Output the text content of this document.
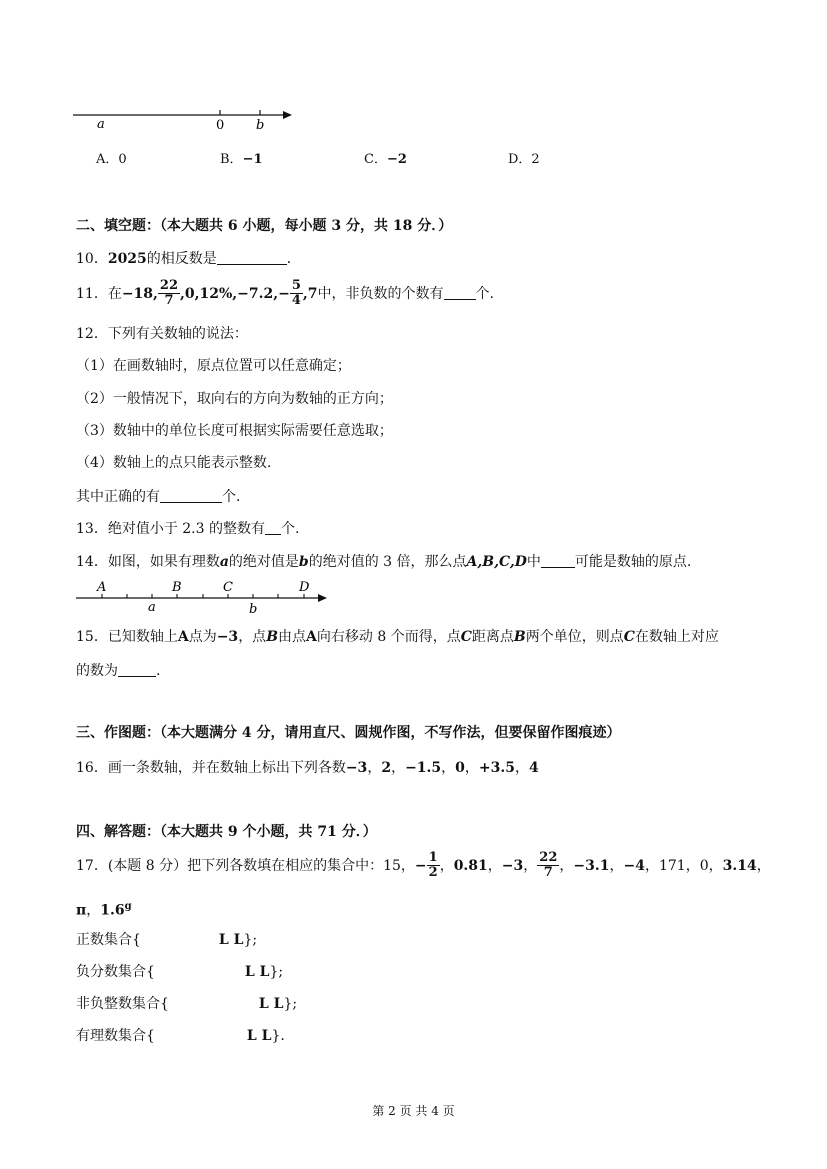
a	0 b
A．0	B．−1	C．−2	D．2
二、填空题：（本大题共 6 小题，每小题 3 分，共 18 分．）
10．2025的相反数是	．
11．在−18, $\frac{22}{7} ,0,12\%,-7.2,- \frac{5}{4} ,7$中，非负数的个数有 个.
12．下列有关数轴的说法：
（1）在画数轴时，原点位置可以任意确定；
（2）一般情况下，取向右的方向为数轴的正方向；
（3）数轴中的单位长度可根据实际需要任意选取；
（4）数轴上的点只能表示整数.
其中正确的有	个．
13．绝对值小于 2.3 的整数有 个.
14．如图，如果有理数a的绝对值是b的绝对值的 3 倍，那么点A,B,C,D中 可能是数轴的原点.
A	B	C	D
a	b
15．已知数轴上A点为−3，点B由点A向右移动 8 个而得，点C距离点B两个单位，则点C在数轴上对应
的数为	.
三、作图题：（本大题满分 4 分，请用直尺、圆规作图，不写作法，但要保留作图痕迹）
16．画一条数轴，并在数轴上标出下列各数−3，2，−1.5，0，+3.5，4
四、解答题：（本大题共 9 个小题，共 71 分．）
17．(本题 8 分）把下列各数填在相应的集合中：15，− $\frac{1}{2}$ ，0.81，−3， $\frac{22}{7}$ ，−3.1，−4，171，0，3.14，
π，1.6$^g$
正数集合{	L L};
负分数集合{	L L};
非负整数集合{	L L};
有理数集合{	L L}.
第 2 页 共 4 页
